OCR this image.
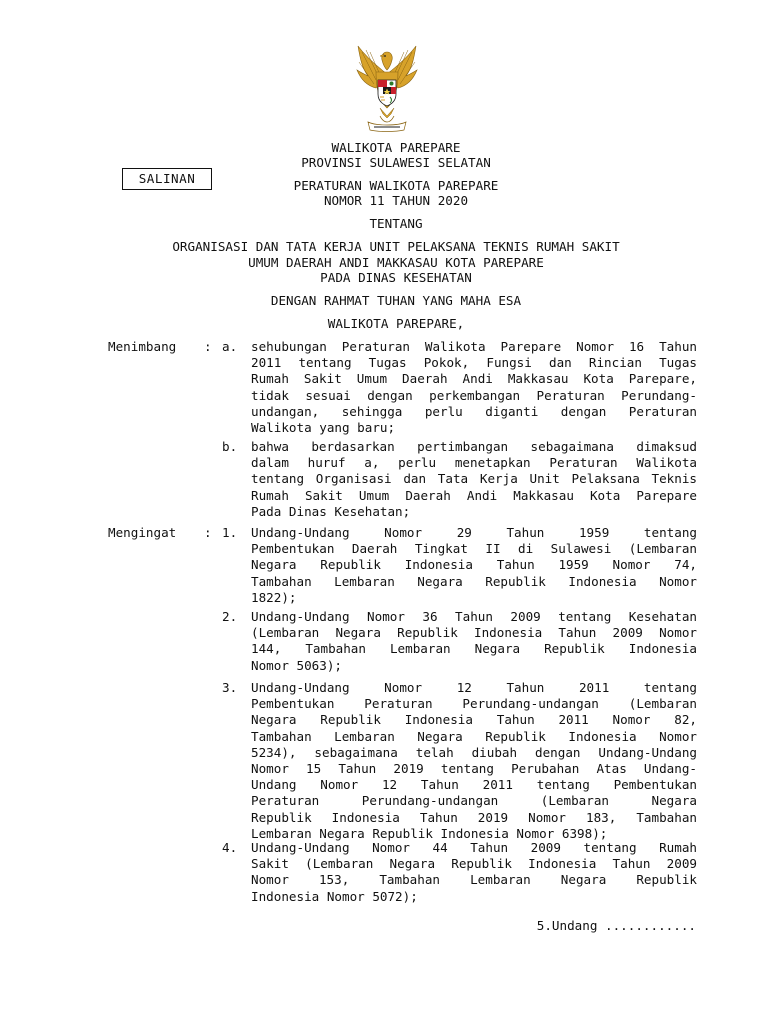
SALINAN
WALIKOTA PAREPARE
PROVINSI SULAWESI SELATAN
PERATURAN WALIKOTA PAREPARE
NOMOR 11 TAHUN 2020
TENTANG
ORGANISASI DAN TATA KERJA UNIT PELAKSANA TEKNIS RUMAH SAKIT
UMUM DAERAH ANDI MAKKASAU KOTA PAREPARE
PADA DINAS KESEHATAN
DENGAN RAHMAT TUHAN YANG MAHA ESA
WALIKOTA PAREPARE,
Menimbang : a.	sehubungan Peraturan Walikota Parepare Nomor 16 Tahun
2011 tentang Tugas Pokok, Fungsi dan Rincian Tugas
Rumah Sakit Umum Daerah Andi Makkasau Kota Parepare,
tidak sesuai dengan perkembangan Peraturan Perundang-
undangan, sehingga perlu diganti dengan Peraturan
Walikota yang baru;
b.	bahwa berdasarkan pertimbangan sebagaimana dimaksud
dalam huruf a, perlu menetapkan Peraturan Walikota
tentang Organisasi dan Tata Kerja Unit Pelaksana Teknis
Rumah Sakit Umum Daerah Andi Makkasau Kota Parepare
Pada Dinas Kesehatan;
Mengingat : 1.	Undang-Undang Nomor 29 Tahun 1959 tentang
Pembentukan Daerah Tingkat II di Sulawesi (Lembaran
Negara Republik Indonesia Tahun 1959 Nomor 74,
Tambahan Lembaran Negara Republik Indonesia Nomor
1822);
2.	Undang-Undang Nomor 36 Tahun 2009 tentang Kesehatan
(Lembaran Negara Republik Indonesia Tahun 2009 Nomor
144, Tambahan Lembaran Negara Republik Indonesia
Nomor 5063);
3.	Undang-Undang Nomor 12 Tahun 2011 tentang
Pembentukan Peraturan Perundang-undangan (Lembaran
Negara Republik Indonesia Tahun 2011 Nomor 82,
Tambahan Lembaran Negara Republik Indonesia Nomor
5234), sebagaimana telah diubah dengan Undang-Undang
Nomor 15 Tahun 2019 tentang Perubahan Atas Undang-
Undang Nomor 12 Tahun 2011 tentang Pembentukan
Peraturan Perundang-undangan (Lembaran Negara
Republik Indonesia Tahun 2019 Nomor 183, Tambahan
Lembaran Negara Republik Indonesia Nomor 6398);
4.	Undang-Undang Nomor 44 Tahun 2009 tentang Rumah
Sakit (Lembaran Negara Republik Indonesia Tahun 2009
Nomor 153, Tambahan Lembaran Negara Republik
Indonesia Nomor 5072);
5.Undang ............
